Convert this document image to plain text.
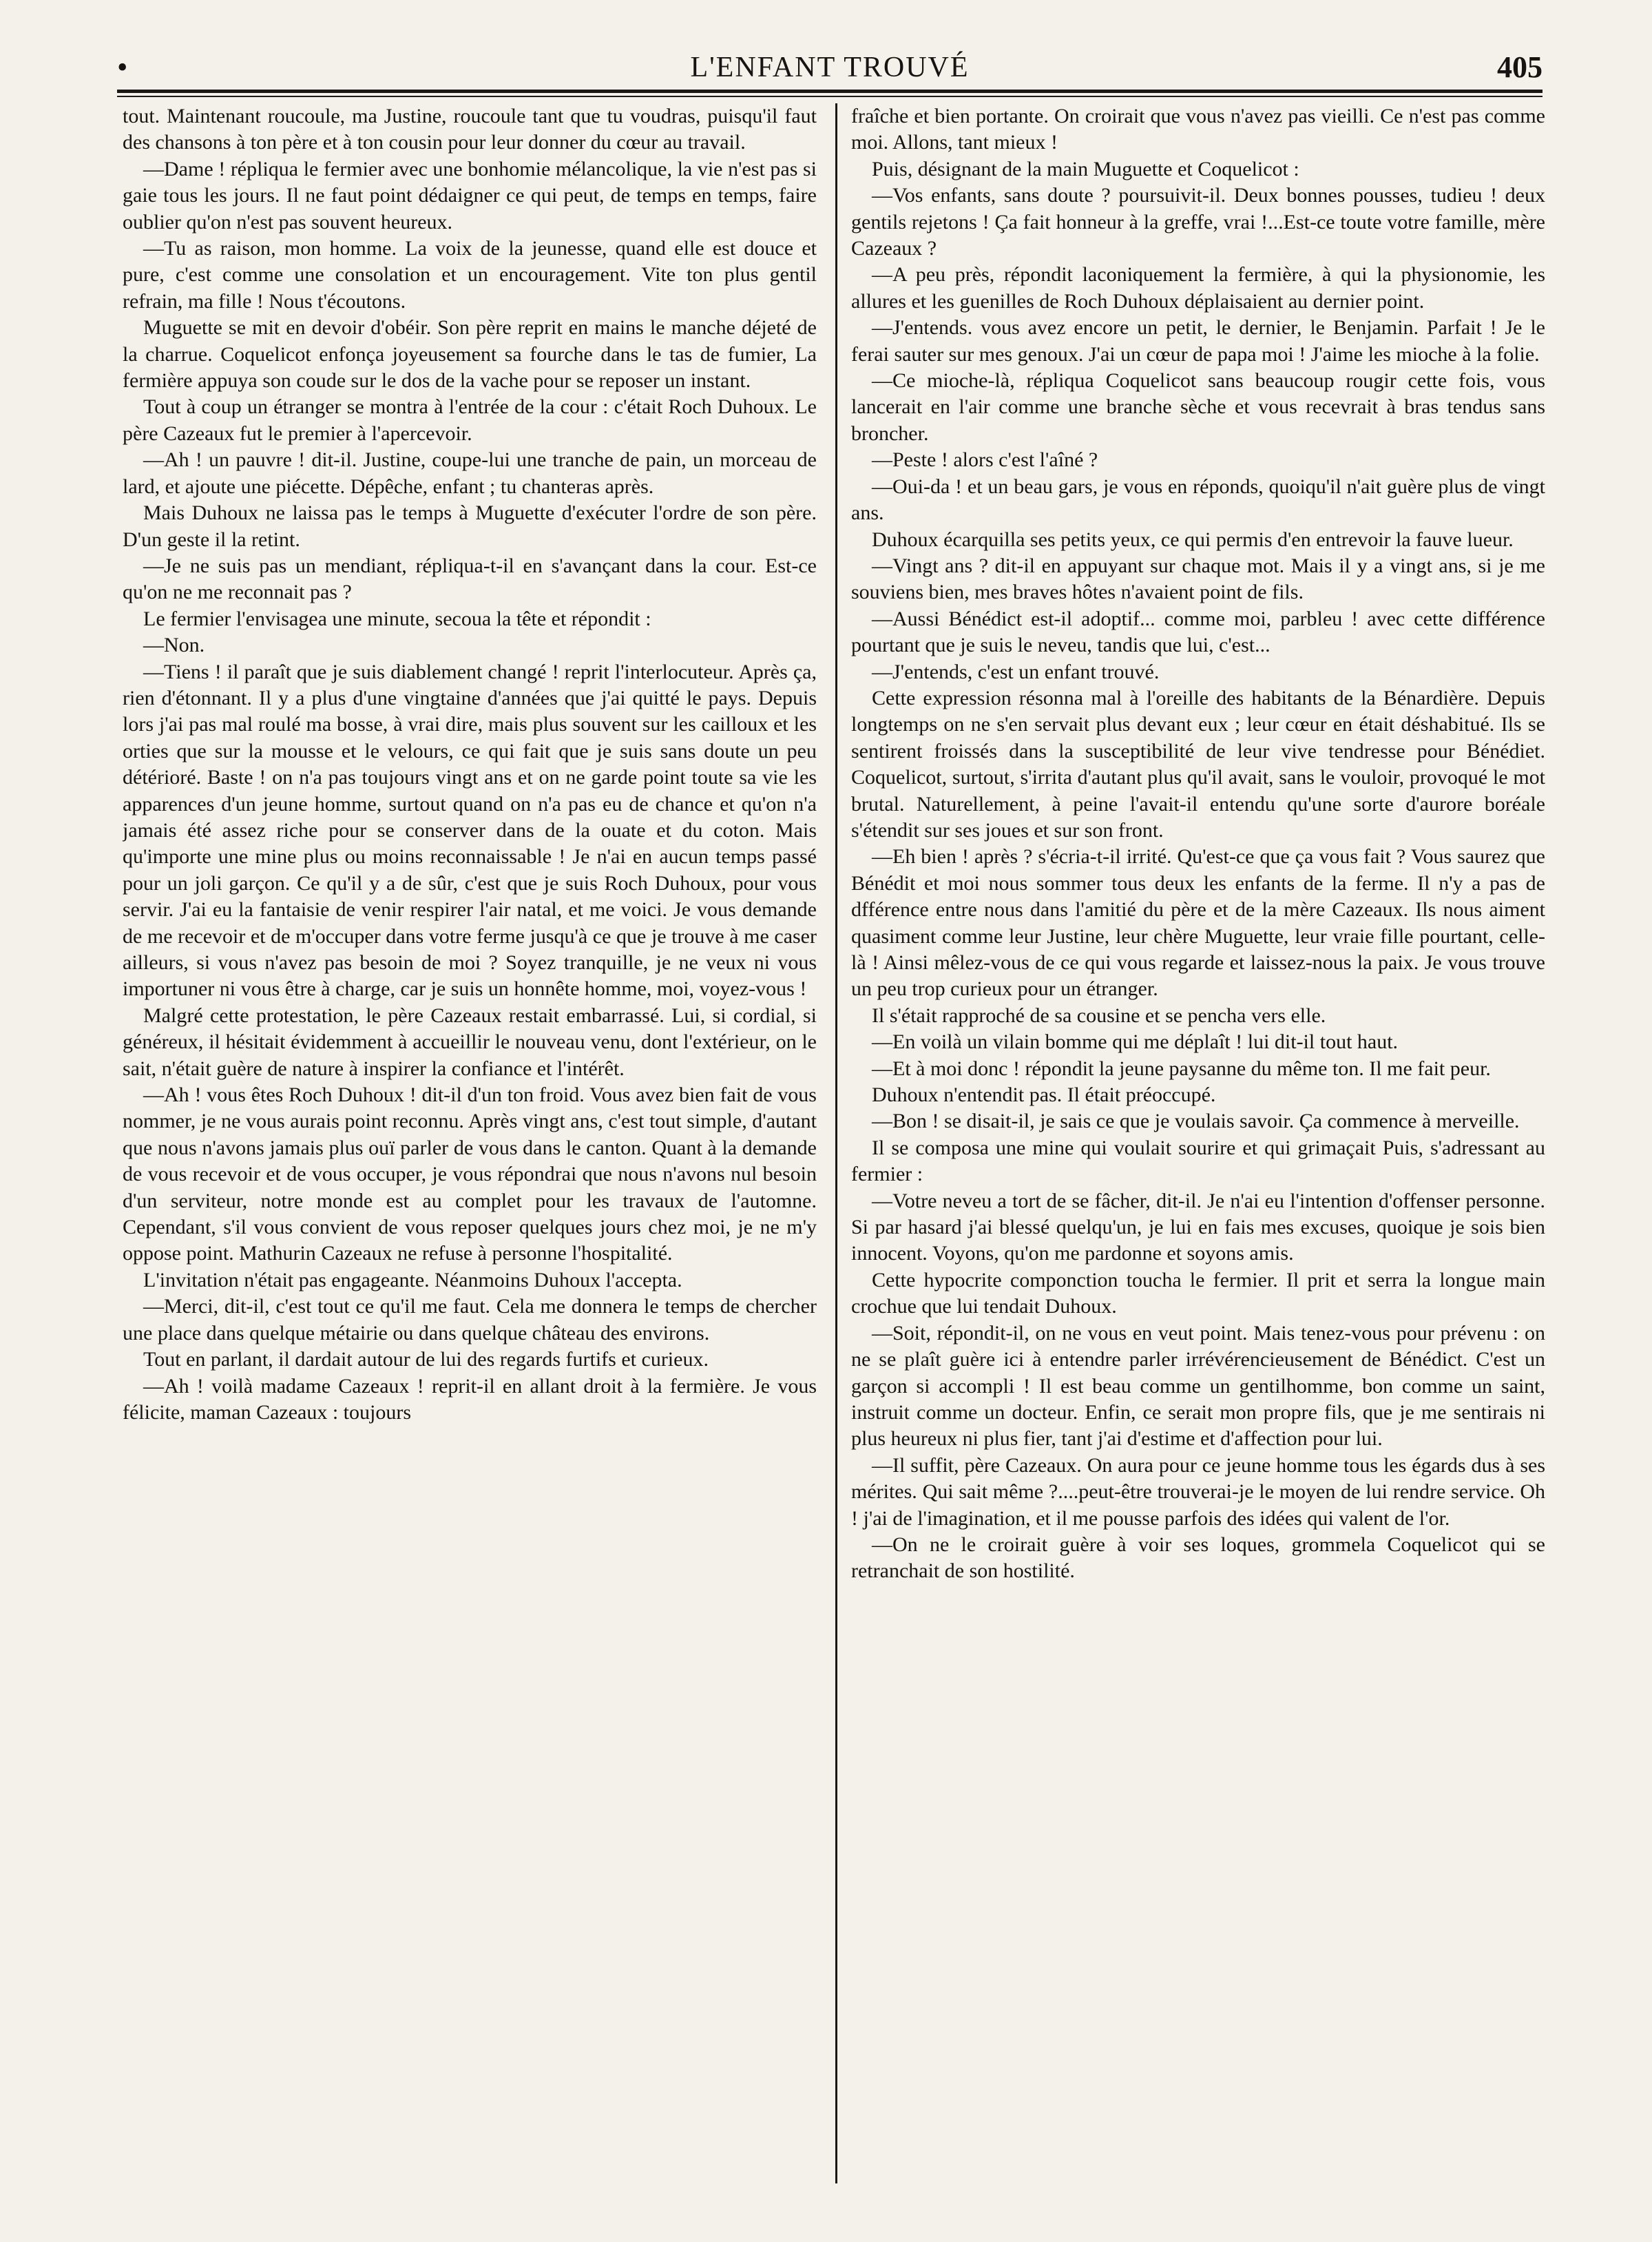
•	L'ENFANT TROUVÉ	405

tout. Maintenant roucoule, ma Justine, roucoule tant que tu voudras, puisqu'il faut des chansons à ton père et à ton cousin pour leur donner du cœur au travail.

—Dame ! répliqua le fermier avec une bonhomie mélancolique, la vie n'est pas si gaie tous les jours. Il ne faut point dédaigner ce qui peut, de temps en temps, faire oublier qu'on n'est pas souvent heureux.

—Tu as raison, mon homme. La voix de la jeunesse, quand elle est douce et pure, c'est comme une consolation et un encouragement. Vite ton plus gentil refrain, ma fille ! Nous t'écoutons.

Muguette se mit en devoir d'obéir. Son père reprit en mains le manche déjeté de la charrue. Coquelicot enfonça joyeusement sa fourche dans le tas de fumier, La fermière appuya son coude sur le dos de la vache pour se reposer un instant.

Tout à coup un étranger se montra à l'entrée de la cour : c'était Roch Duhoux. Le père Cazeaux fut le premier à l'apercevoir.

—Ah ! un pauvre ! dit-il. Justine, coupe-lui une tranche de pain, un morceau de lard, et ajoute une piécette. Dépêche, enfant ; tu chanteras après.

Mais Duhoux ne laissa pas le temps à Muguette d'exécuter l'ordre de son père. D'un geste il la retint.

—Je ne suis pas un mendiant, répliqua-t-il en s'avançant dans la cour. Est-ce qu'on ne me reconnait pas ?

Le fermier l'envisagea une minute, secoua la tête et répondit :

—Non.

—Tiens ! il paraît que je suis diablement changé ! reprit l'interlocuteur. Après ça, rien d'étonnant. Il y a plus d'une vingtaine d'années que j'ai quitté le pays. Depuis lors j'ai pas mal roulé ma bosse, à vrai dire, mais plus souvent sur les cailloux et les orties que sur la mousse et le velours, ce qui fait que je suis sans doute un peu détérioré. Baste ! on n'a pas toujours vingt ans et on ne garde point toute sa vie les apparences d'un jeune homme, surtout quand on n'a pas eu de chance et qu'on n'a jamais été assez riche pour se conserver dans de la ouate et du coton. Mais qu'importe une mine plus ou moins reconnaissable ! Je n'ai en aucun temps passé pour un joli garçon. Ce qu'il y a de sûr, c'est que je suis Roch Duhoux, pour vous servir. J'ai eu la fantaisie de venir respirer l'air natal, et me voici. Je vous demande de me recevoir et de m'occuper dans votre ferme jusqu'à ce que je trouve à me caser ailleurs, si vous n'avez pas besoin de moi ? Soyez tranquille, je ne veux ni vous importuner ni vous être à charge, car je suis un honnête homme, moi, voyez-vous !

Malgré cette protestation, le père Cazeaux restait embarrassé. Lui, si cordial, si généreux, il hésitait évidemment à accueillir le nouveau venu, dont l'extérieur, on le sait, n'était guère de nature à inspirer la confiance et l'intérêt.

—Ah ! vous êtes Roch Duhoux ! dit-il d'un ton froid. Vous avez bien fait de vous nommer, je ne vous aurais point reconnu. Après vingt ans, c'est tout simple, d'autant que nous n'avons jamais plus ouï parler de vous dans le canton. Quant à la demande de vous recevoir et de vous occuper, je vous répondrai que nous n'avons nul besoin d'un serviteur, notre monde est au complet pour les travaux de l'automne. Cependant, s'il vous convient de vous reposer quelques jours chez moi, je ne m'y oppose point. Mathurin Cazeaux ne refuse à personne l'hospitalité.

L'invitation n'était pas engageante. Néanmoins Duhoux l'accepta.

—Merci, dit-il, c'est tout ce qu'il me faut. Cela me donnera le temps de chercher une place dans quelque métairie ou dans quelque château des environs.

Tout en parlant, il dardait autour de lui des regards furtifs et curieux.

—Ah ! voilà madame Cazeaux ! reprit-il en allant droit à la fermière. Je vous félicite, maman Cazeaux : toujours

fraîche et bien portante. On croirait que vous n'avez pas vieilli. Ce n'est pas comme moi. Allons, tant mieux !

Puis, désignant de la main Muguette et Coquelicot :

—Vos enfants, sans doute ? poursuivit-il. Deux bonnes pousses, tudieu ! deux gentils rejetons ! Ça fait honneur à la greffe, vrai !...Est-ce toute votre famille, mère Cazeaux ?

—A peu près, répondit laconiquement la fermière, à qui la physionomie, les allures et les guenilles de Roch Duhoux déplaisaient au dernier point.

—J'entends. vous avez encore un petit, le dernier, le Benjamin. Parfait ! Je le ferai sauter sur mes genoux. J'ai un cœur de papa moi ! J'aime les mioche à la folie.

—Ce mioche-là, répliqua Coquelicot sans beaucoup rougir cette fois, vous lancerait en l'air comme une branche sèche et vous recevrait à bras tendus sans broncher.

—Peste ! alors c'est l'aîné ?

—Oui-da ! et un beau gars, je vous en réponds, quoiqu'il n'ait guère plus de vingt ans.

Duhoux écarquilla ses petits yeux, ce qui permis d'en entrevoir la fauve lueur.

—Vingt ans ? dit-il en appuyant sur chaque mot. Mais il y a vingt ans, si je me souviens bien, mes braves hôtes n'avaient point de fils.

—Aussi Bénédict est-il adoptif... comme moi, parbleu ! avec cette différence pourtant que je suis le neveu, tandis que lui, c'est...

—J'entends, c'est un enfant trouvé.

Cette expression résonna mal à l'oreille des habitants de la Bénardière. Depuis longtemps on ne s'en servait plus devant eux ; leur cœur en était déshabitué. Ils se sentirent froissés dans la susceptibilité de leur vive tendresse pour Bénédiet. Coquelicot, surtout, s'irrita d'autant plus qu'il avait, sans le vouloir, provoqué le mot brutal. Naturellement, à peine l'avait-il entendu qu'une sorte d'aurore boréale s'étendit sur ses joues et sur son front.

—Eh bien ! après ? s'écria-t-il irrité. Qu'est-ce que ça vous fait ? Vous saurez que Bénédit et moi nous sommer tous deux les enfants de la ferme. Il n'y a pas de dfférence entre nous dans l'amitié du père et de la mère Cazeaux. Ils nous aiment quasiment comme leur Justine, leur chère Muguette, leur vraie fille pourtant, celle-là ! Ainsi mêlez-vous de ce qui vous regarde et laissez-nous la paix. Je vous trouve un peu trop curieux pour un étranger.

Il s'était rapproché de sa cousine et se pencha vers elle.

—En voilà un vilain bomme qui me déplaît ! lui dit-il tout haut.

—Et à moi donc ! répondit la jeune paysanne du même ton. Il me fait peur.

Duhoux n'entendit pas. Il était préoccupé.

—Bon ! se disait-il, je sais ce que je voulais savoir. Ça commence à merveille.

Il se composa une mine qui voulait sourire et qui grimaçait Puis, s'adressant au fermier :

—Votre neveu a tort de se fâcher, dit-il. Je n'ai eu l'intention d'offenser personne. Si par hasard j'ai blessé quelqu'un, je lui en fais mes excuses, quoique je sois bien innocent. Voyons, qu'on me pardonne et soyons amis.

Cette hypocrite componction toucha le fermier. Il prit et serra la longue main crochue que lui tendait Duhoux.

—Soit, répondit-il, on ne vous en veut point. Mais tenez-vous pour prévenu : on ne se plaît guère ici à entendre parler irrévérencieusement de Bénédict. C'est un garçon si accompli ! Il est beau comme un gentilhomme, bon comme un saint, instruit comme un docteur. Enfin, ce serait mon propre fils, que je me sentirais ni plus heureux ni plus fier, tant j'ai d'estime et d'affection pour lui.

—Il suffit, père Cazeaux. On aura pour ce jeune homme tous les égards dus à ses mérites. Qui sait même ?....peut-être trouverai-je le moyen de lui rendre service. Oh ! j'ai de l'imagination, et il me pousse parfois des idées qui valent de l'or.

—On ne le croirait guère à voir ses loques, grommela Coquelicot qui se retranchait de son hostilité.
